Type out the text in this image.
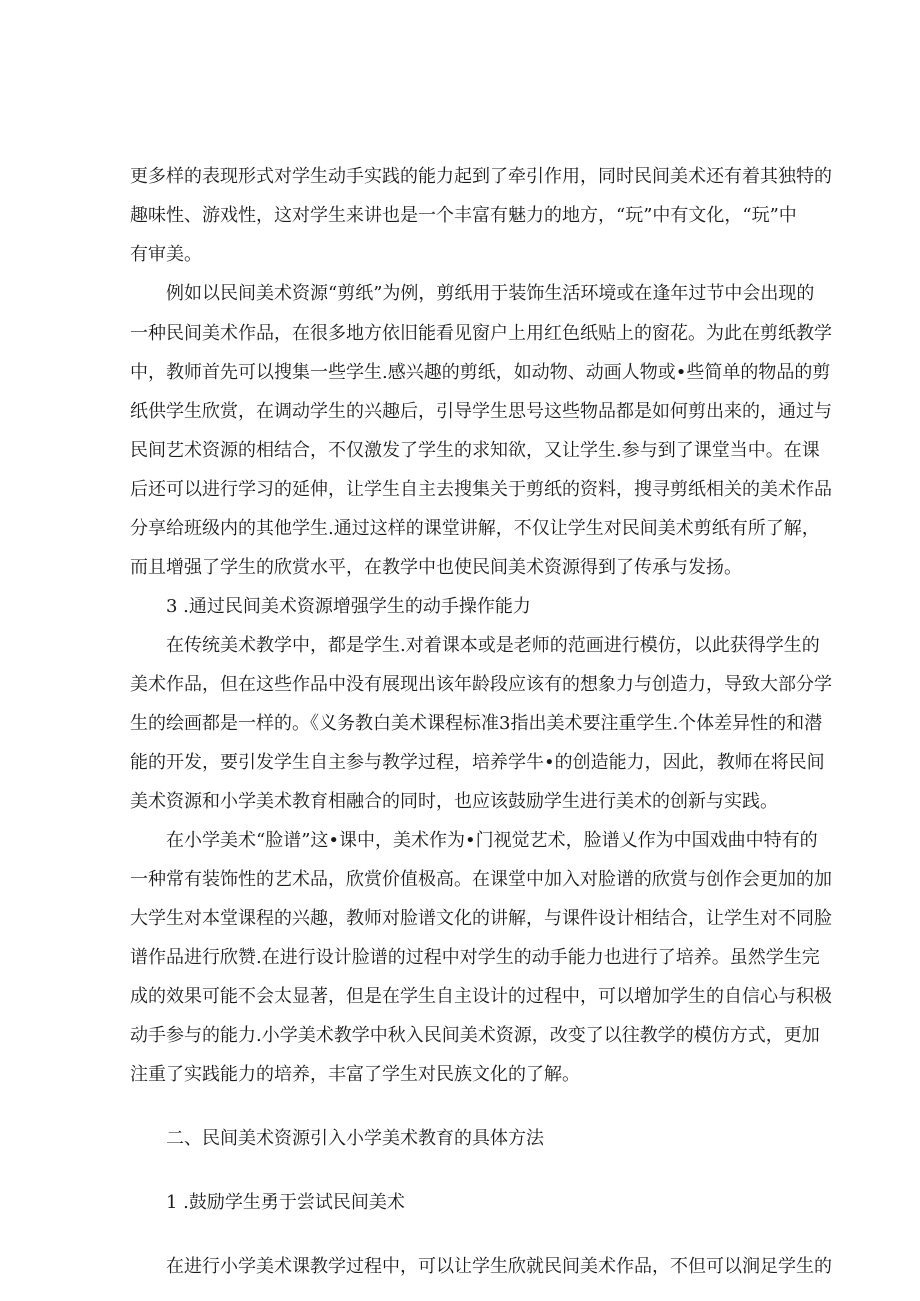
更多样的表现形式对学生动手实践的能力起到了牵引作用，同时民间美术还有着其独特的

趣味性、游戏性，这对学生来讲也是一个丰富有魅力的地方，“玩”中有文化，“玩”中

有审美。

例如以民间美术资源“剪纸”为例，剪纸用于装饰生活环境或在逢年过节中会出现的

一种民间美术作品，在很多地方依旧能看见窗户上用红色纸贴上的窗花。为此在剪纸教学

中，教师首先可以搜集一些学生.感兴趣的剪纸，如动物、动画人物或•些简单的物品的剪

纸供学生欣赏，在调动学生的兴趣后，引导学生思号这些物品都是如何剪出来的，通过与

民间艺术资源的相结合，不仅激发了学生的求知欲，又让学生.参与到了课堂当中。在课

后还可以进行学习的延伸，让学生自主去搜集关于剪纸的资料，搜寻剪纸相关的美术作品

分享给班级内的其他学生.通过这样的课堂讲解，不仅让学生对民间美术剪纸有所了解，

而且增强了学生的欣赏水平，在教学中也使民间美术资源得到了传承与发扬。

3 .通过民间美术资源增强学生的动手操作能力

在传统美术教学中，都是学生.对着课本或是老师的范画进行模仿，以此获得学生的

美术作品，但在这些作品中没有展现出该年龄段应该有的想象力与创造力，导致大部分学

生的绘画都是一样的。《义务教白美术课程标准3指出美术要注重学生.个体差异性的和潜

能的开发，要引发学生自主参与教学过程，培养学牛•的创造能力，因此，教师在将民间

美术资源和小学美术教育相融合的同时，也应该鼓励学生进行美术的创新与实践。

在小学美术“脸谱”这•课中，美术作为•门视觉艺术，脸谱乂作为中国戏曲中特有的

一种常有装饰性的艺术品，欣赏价值极高。在课堂中加入对脸谱的欣赏与创作会更加的加

大学生对本堂课程的兴趣，教师对脸谱文化的讲解，与课件设计相结合，让学生对不同脸

谱作品进行欣赞.在进行设计脸谱的过程中对学生的动手能力也进行了培养。虽然学生完

成的效果可能不会太显著，但是在学生自主设计的过程中，可以增加学生的自信心与积极

动手参与的能力.小学美术教学中秋入民间美术资源，改变了以往教学的模仿方式，更加

注重了实践能力的培养，丰富了学生对民族文化的了解。

二、民间美术资源引入小学美术教育的具体方法

1 .鼓励学生勇于尝试民间美术

在进行小学美术课教学过程中，可以让学生欣就民间美术作品，不但可以涧足学生的
